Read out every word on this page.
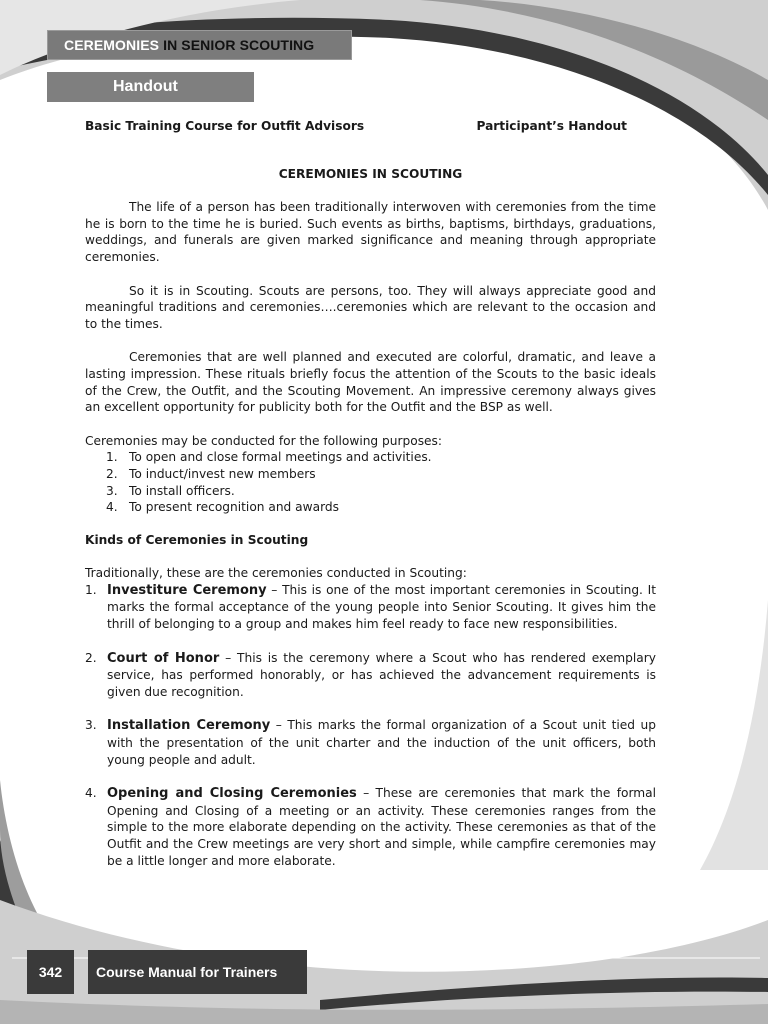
CEREMONIES IN SENIOR SCOUTING
Handout
Basic Training Course for Outfit Advisors	Participant’s Handout
CEREMONIES IN SCOUTING

The life of a person has been traditionally interwoven with ceremonies from the time he is born to the time he is buried. Such events as births, baptisms, birthdays, graduations, weddings, and funerals are given marked significance and meaning through appropriate ceremonies.

So it is in Scouting. Scouts are persons, too. They will always appreciate good and meaningful traditions and ceremonies….ceremonies which are relevant to the occasion and to the times.

Ceremonies that are well planned and executed are colorful, dramatic, and leave a lasting impression. These rituals briefly focus the attention of the Scouts to the basic ideals of the Crew, the Outfit, and the Scouting Movement. An impressive ceremony always gives an excellent opportunity for publicity both for the Outfit and the BSP as well.

Ceremonies may be conducted for the following purposes:

1. To open and close formal meetings and activities.
2. To induct/invest new members
3. To install officers.
4. To present recognition and awards
Kinds of Ceremonies in Scouting

Traditionally, these are the ceremonies conducted in Scouting:

1. Investiture Ceremony – This is one of the most important ceremonies in Scouting. It marks the formal acceptance of the young people into Senior Scouting. It gives him the thrill of belonging to a group and makes him feel ready to face new responsibilities.
2. Court of Honor – This is the ceremony where a Scout who has rendered exemplary service, has performed honorably, or has achieved the advancement requirements is given due recognition.
3. Installation Ceremony – This marks the formal organization of a Scout unit tied up with the presentation of the unit charter and the induction of the unit officers, both young people and adult.
4. Opening and Closing Ceremonies – These are ceremonies that mark the formal Opening and Closing of a meeting or an activity. These ceremonies ranges from the simple to the more elaborate depending on the activity. These ceremonies as that of the Outfit and the Crew meetings are very short and simple, while campfire ceremonies may be a little longer and more elaborate.
342	Course Manual for Trainers
